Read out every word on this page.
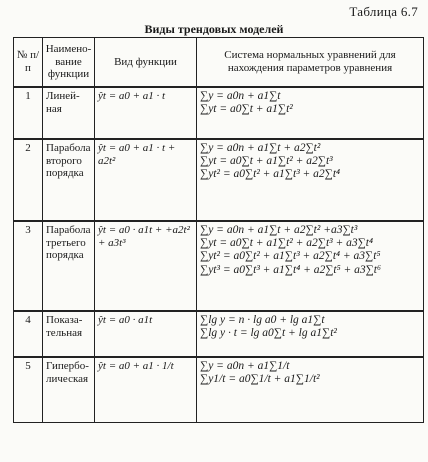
Таблица 6.7
Виды трендовых моделей
№ п/п	Наимено-вание функции	Вид функции	Системa нормальных уравнений для нахождения параметров уравнения
1	Линей-ная	ŷt = a0 + a1 · t	∑y = a0n + a1∑t
∑yt = a0∑t + a1∑t²

2	Парабола второго порядка	ŷt = a0 + a1 · t + a2t²	∑y = a0n + a1∑t + a2∑t²
∑yt = a0∑t + a1∑t² + a2∑t³
∑yt² = a0∑t² + a1∑t³ + a2∑t⁴

3	Парабола третьего порядка	ŷt = a0 · a1t + +a2t² + a3t³	∑y = a0n + a1∑t + a2∑t² +a3∑t³
∑yt = a0∑t + a1∑t² + a2∑t³ + a3∑t⁴
∑yt² = a0∑t² + a1∑t³ + a2∑t⁴ + a3∑t⁵
∑yt³ = a0∑t³ + a1∑t⁴ + a2∑t⁵ + a3∑t⁶

4	Показа-тельная	ŷt = a0 · a1t	∑lg y = n · lg a0 + lg a1∑t
∑lg y · t = lg a0∑t + lg a1∑t²

5	Гипербо-лическая	ŷt = a0 + a1 · 1/t	∑y = a0n + a1∑1/t
∑y1/t = a0∑1/t + a1∑1/t²
